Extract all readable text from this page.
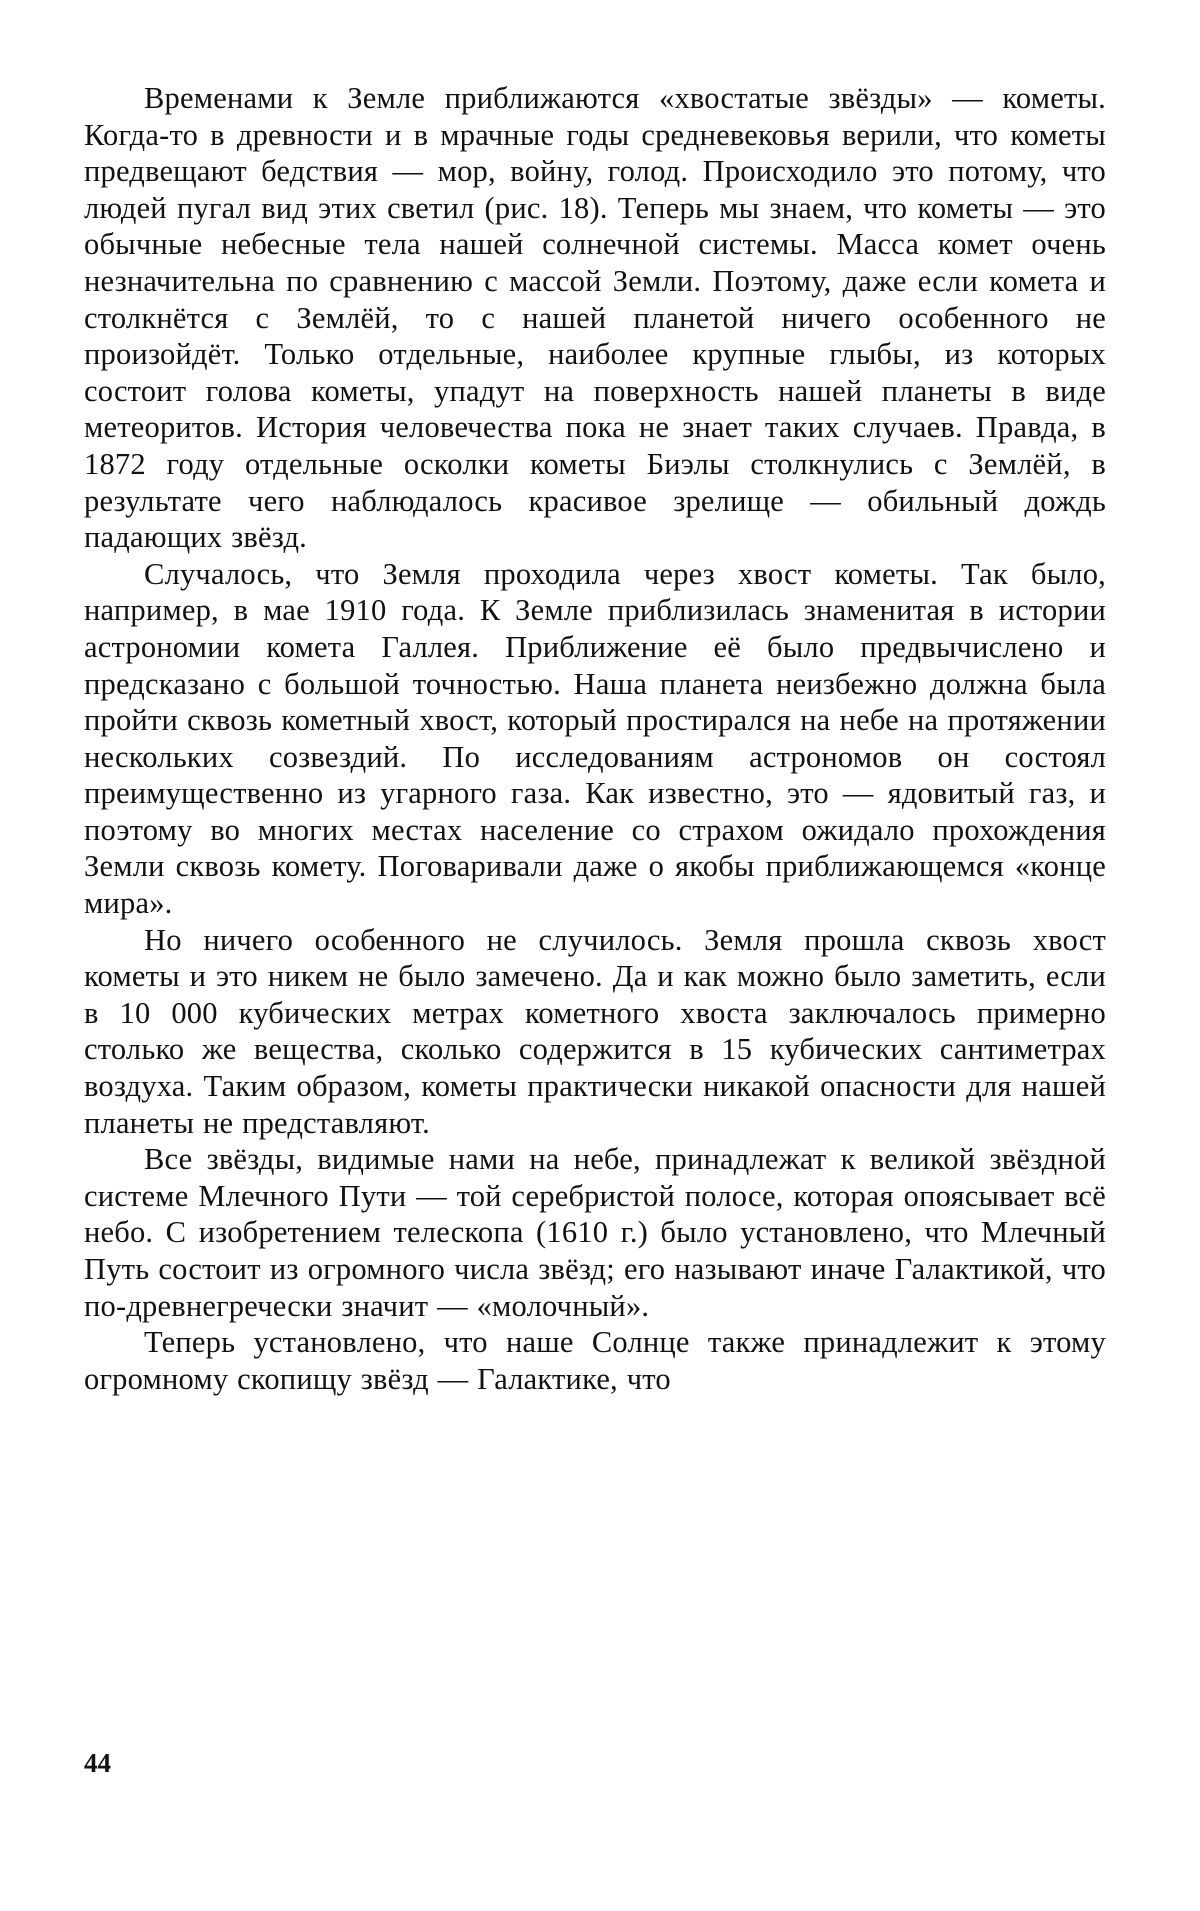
Временами к Земле приближаются «хвостатые звёзды» — кометы. Когда-то в древности и в мрачные годы средневековья верили, что кометы предвещают бедствия — мор, войну, голод. Происходило это потому, что людей пугал вид этих светил (рис. 18). Теперь мы знаем, что кометы — это обычные небесные тела нашей солнечной системы. Масса комет очень незначительна по сравнению с массой Земли. Поэтому, даже если комета и столкнётся с Землёй, то с нашей планетой ничего особенного не произойдёт. Только отдельные, наиболее крупные глыбы, из которых состоит голова кометы, упадут на поверхность нашей планеты в виде метеоритов. История человечества пока не знает таких случаев. Правда, в 1872 году отдельные осколки кометы Биэлы столкнулись с Землёй, в результате чего наблюдалось красивое зрелище — обильный дождь падающих звёзд.

Случалось, что Земля проходила через хвост кометы. Так было, например, в мае 1910 года. К Земле приблизилась знаменитая в истории астрономии комета Галлея. Приближение её было предвычислено и предсказано с большой точностью. Наша планета неизбежно должна была пройти сквозь кометный хвост, который простирался на небе на протяжении нескольких созвездий. По исследованиям астрономов он состоял преимущественно из угарного газа. Как известно, это — ядовитый газ, и поэтому во многих местах население со страхом ожидало прохождения Земли сквозь комету. Поговаривали даже о якобы приближающемся «конце мира».

Но ничего особенного не случилось. Земля прошла сквозь хвост кометы и это никем не было замечено. Да и как можно было заметить, если в 10 000 кубических метрах кометного хвоста заключалось примерно столько же вещества, сколько содержится в 15 кубических сантиметрах воздуха. Таким образом, кометы практически никакой опасности для нашей планеты не представляют.

Все звёзды, видимые нами на небе, принадлежат к великой звёздной системе Млечного Пути — той серебристой полосе, которая опоясывает всё небо. С изобретением телескопа (1610 г.) было установлено, что Млечный Путь состоит из огромного числа звёзд; его называют иначе Галактикой, что по-древнегречески значит — «молочный».

Теперь установлено, что наше Солнце также принадлежит к этому огромному скопищу звёзд — Галактике, что

44
